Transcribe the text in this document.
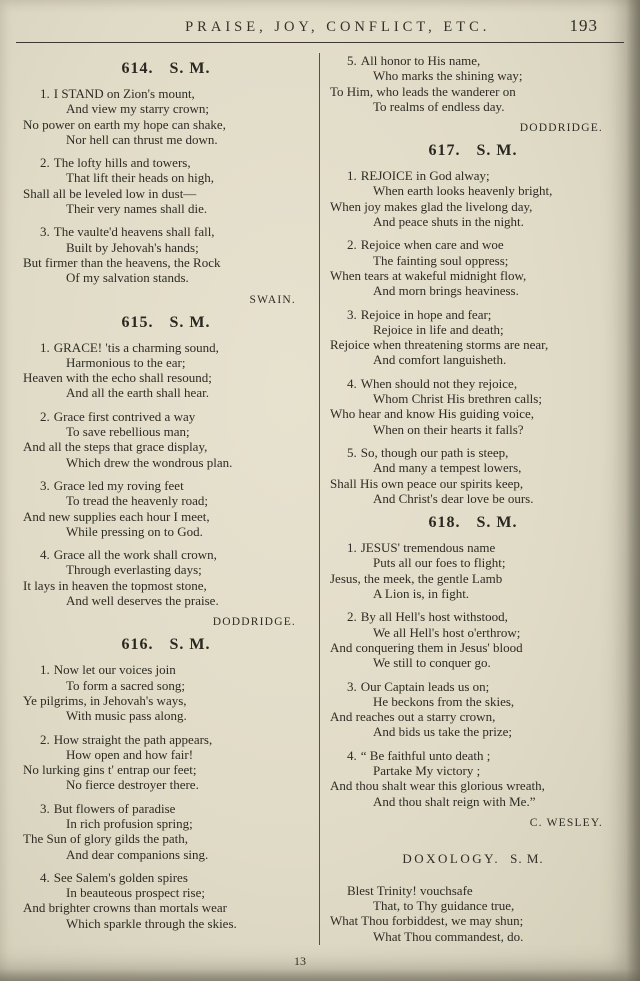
PRAISE, JOY, CONFLICT, ETC.	193
614. S. M.
1. I STAND on Zion's mount,
And view my starry crown;
No power on earth my hope can shake,
Nor hell can thrust me down.
2. The lofty hills and towers,
That lift their heads on high,
Shall all be leveled low in dust—
Their very names shall die.
3. The vaulte'd heavens shall fall,
Built by Jehovah's hands;
But firmer than the heavens, the Rock
Of my salvation stands.
SWAIN.
615. S. M.
1. GRACE! 'tis a charming sound,
Harmonious to the ear;
Heaven with the echo shall resound;
And all the earth shall hear.
2. Grace first contrived a way
To save rebellious man;
And all the steps that grace display,
Which drew the wondrous plan.
3. Grace led my roving feet
To tread the heavenly road;
And new supplies each hour I meet,
While pressing on to God.
4. Grace all the work shall crown,
Through everlasting days;
It lays in heaven the topmost stone,
And well deserves the praise.
DODDRIDGE.
616. S. M.
1. Now let our voices join
To form a sacred song;
Ye pilgrims, in Jehovah's ways,
With music pass along.
2. How straight the path appears,
How open and how fair!
No lurking gins t' entrap our feet;
No fierce destroyer there.
3. But flowers of paradise
In rich profusion spring;
The Sun of glory gilds the path,
And dear companions sing.
4. See Salem's golden spires
In beauteous prospect rise;
And brighter crowns than mortals wear
Which sparkle through the skies.
5. All honor to His name,
Who marks the shining way;
To Him, who leads the wanderer on
To realms of endless day.
DODDRIDGE.
617. S. M.
1. REJOICE in God alway;
When earth looks heavenly bright,
When joy makes glad the livelong day,
And peace shuts in the night.
2. Rejoice when care and woe
The fainting soul oppress;
When tears at wakeful midnight flow,
And morn brings heaviness.
3. Rejoice in hope and fear;
Rejoice in life and death;
Rejoice when threatening storms are near,
And comfort languisheth.
4. When should not they rejoice,
Whom Christ His brethren calls;
Who hear and know His guiding voice,
When on their hearts it falls?
5. So, though our path is steep,
And many a tempest lowers,
Shall His own peace our spirits keep,
And Christ's dear love be ours.
618. S. M.
1. JESUS' tremendous name
Puts all our foes to flight;
Jesus, the meek, the gentle Lamb
A Lion is, in fight.
2. By all Hell's host withstood,
We all Hell's host o'erthrow;
And conquering them in Jesus' blood
We still to conquer go.
3. Our Captain leads us on;
He beckons from the skies,
And reaches out a starry crown,
And bids us take the prize;
4. “ Be faithful unto death ;
Partake My victory ;
And thou shalt wear this glorious wreath,
And thou shalt reign with Me.”
C. WESLEY.
DOXOLOGY. S. M.
Blest Trinity! vouchsafe
That, to Thy guidance true,
What Thou forbiddest, we may shun;
What Thou commandest, do.
13
